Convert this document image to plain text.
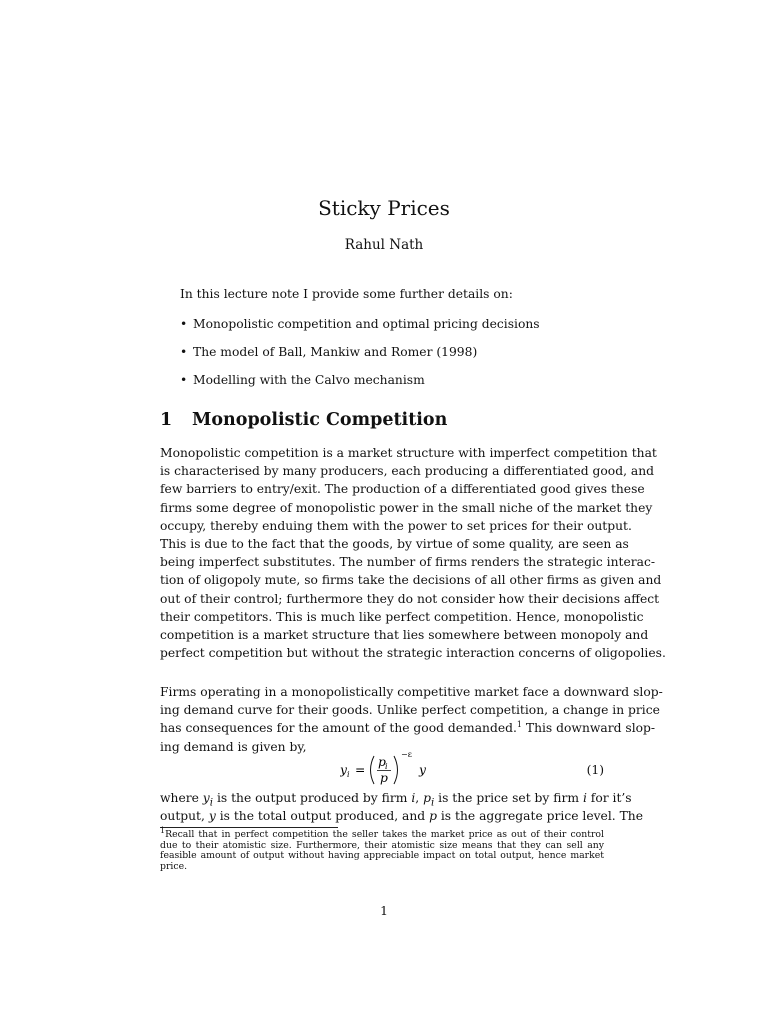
Sticky Prices
Rahul Nath
In this lecture note I provide some further details on:
• Monopolistic competition and optimal pricing decisions
• The model of Ball, Mankiw and Romer (1998)
• Modelling with the Calvo mechanism
1 Monopolistic Competition
Monopolistic competition is a market structure with imperfect competition that
is characterised by many producers, each producing a differentiated good, and
few barriers to entry/exit. The production of a differentiated good gives these
firms some degree of monopolistic power in the small niche of the market they
occupy, thereby enduing them with the power to set prices for their output.
This is due to the fact that the goods, by virtue of some quality, are seen as
being imperfect substitutes. The number of firms renders the strategic interac-
tion of oligopoly mute, so firms take the decisions of all other firms as given and
out of their control; furthermore they do not consider how their decisions affect
their competitors. This is much like perfect competition. Hence, monopolistic
competition is a market structure that lies somewhere between monopoly and
perfect competition but without the strategic interaction concerns of oligopolies.
Firms operating in a monopolistically competitive market face a downward slop-
ing demand curve for their goods. Unlike perfect competition, a change in price
has consequences for the amount of the good demanded.$^1$ This downward slop-
ing demand is given by,
y i =
p i
p
−ε
y	(1)
where $y_i$ is the output produced by firm i, $p_i$ is the price set by firm i for it’s
output, y is the total output produced, and p is the aggregate price level. The
$^1$Recall that in perfect competition the seller takes the market price as out of their control
due to their atomistic size. Furthermore, their atomistic size means that they can sell any
feasible amount of output without having appreciable impact on total output, hence market
price.
1
